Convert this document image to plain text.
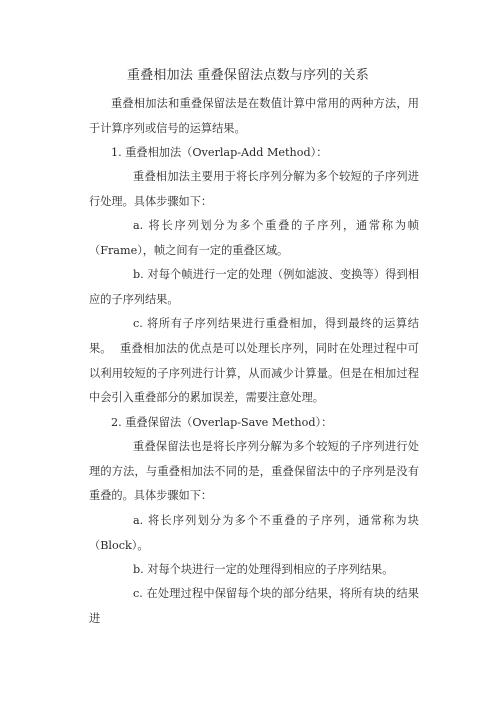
重叠相加法 重叠保留法点数与序列的关系

重叠相加法和重叠保留法是在数值计算中常用的两种方法，用于计算序列或信号的运算结果。

1. 重叠相加法（Overlap-Add Method）：

重叠相加法主要用于将长序列分解为多个较短的子序列进行处理。具体步骤如下：

a. 将长序列划分为多个重叠的子序列，通常称为帧（Frame），帧之间有一定的重叠区域。

b. 对每个帧进行一定的处理（例如滤波、变换等）得到相应的子序列结果。

c. 将所有子序列结果进行重叠相加，得到最终的运算结果。 重叠相加法的优点是可以处理长序列，同时在处理过程中可以利用较短的子序列进行计算，从而减少计算量。但是在相加过程中会引入重叠部分的累加误差，需要注意处理。

2. 重叠保留法（Overlap-Save Method）：

重叠保留法也是将长序列分解为多个较短的子序列进行处理的方法，与重叠相加法不同的是，重叠保留法中的子序列是没有重叠的。具体步骤如下：

a. 将长序列划分为多个不重叠的子序列，通常称为块（Block）。

b. 对每个块进行一定的处理得到相应的子序列结果。

c. 在处理过程中保留每个块的部分结果，将所有块的结果进
